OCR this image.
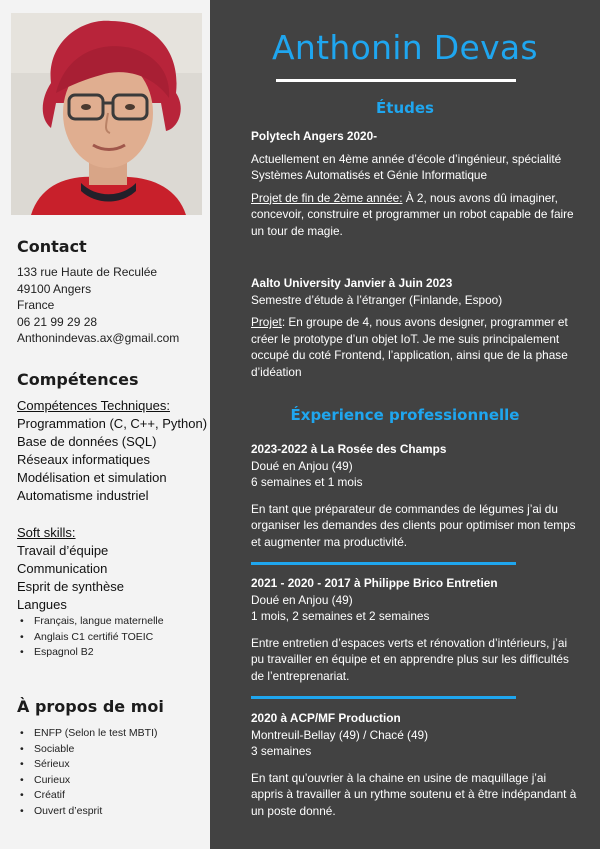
Contact
133 rue Haute de Reculée
49100 Angers
France
06 21 99 29 28
Anthonindevas.ax@gmail.com
Compétences
Compétences Techniques:
Programmation (C, C++, Python)
Base de données (SQL)
Réseaux informatiques
Modélisation et simulation
Automatisme industriel
Soft skills:
Travail d’équipe
Communication
Esprit de synthèse
Langues
• Français, langue maternelle
• Anglais C1 certifié TOEIC
• Espagnol B2
À propos de moi
• ENFP (Selon le test MBTI)
• Sociable
• Sérieux
• Curieux
• Créatif
• Ouvert d’esprit
Anthonin Devas
Études

Polytech Angers 2020-

Actuellement en 4ème année d’école d’ingénieur, spécialité Systèmes Automatisés et Génie Informatique

Projet de fin de 2ème année: À 2, nous avons dû imaginer, concevoir, construire et programmer un robot capable de faire un tour de magie.

Aalto University Janvier à Juin 2023

Semestre d’étude à l’étranger (Finlande, Espoo)

Projet: En groupe de 4, nous avons designer, programmer et créer le prototype d’un objet IoT. Je me suis principalement occupé du coté Frontend, l’application, ainsi que de la phase d’idéation

Éxperience professionnelle

2023-2022 à La Rosée des Champs

Doué en Anjou (49)

6 semaines et 1 mois

En tant que préparateur de commandes de légumes j’ai du organiser les demandes des clients pour optimiser mon temps et augmenter ma productivité.

2021 - 2020 - 2017 à Philippe Brico Entretien

Doué en Anjou (49)

1 mois, 2 semaines et 2 semaines

Entre entretien d’espaces verts et rénovation d’intérieurs, j’ai pu travailler en équipe et en apprendre plus sur les difficultés de l’entreprenariat.

2020 à ACP/MF Production

Montreuil-Bellay (49) / Chacé (49)

3 semaines

En tant qu’ouvrier à la chaine en usine de maquillage j’ai appris à travailler à un rythme soutenu et à être indépandant à un poste donné.
